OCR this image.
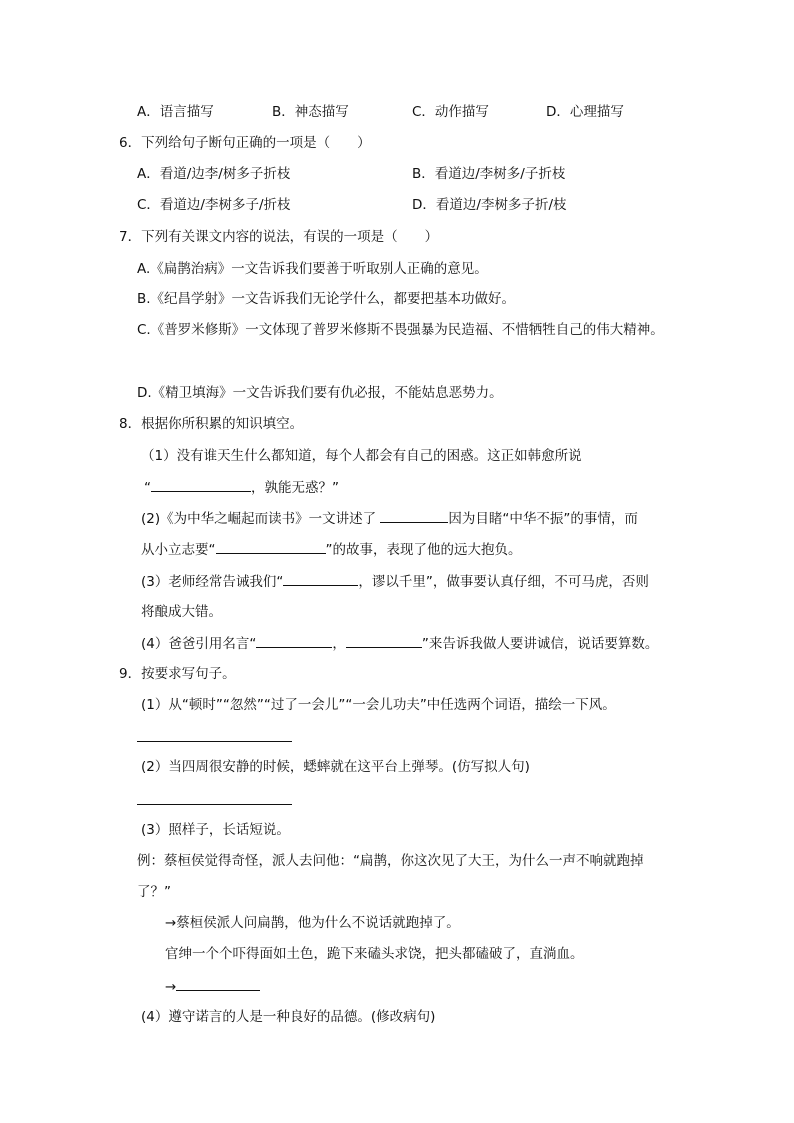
A．语言描写	B．神态描写	C．动作描写	D．心理描写
6．下列给句子断句正确的一项是（　　）
A．看道/边李/树多子折枝	B．看道边/李树多/子折枝
C．看道边/李树多子/折枝	D．看道边/李树多子折/枝
7．下列有关课文内容的说法，有误的一项是（　　）
A.《扁鹊治病》一文告诉我们要善于听取别人正确的意见。
B.《纪昌学射》一文告诉我们无论学什么，都要把基本功做好。
C.《普罗米修斯》一文体现了普罗米修斯不畏强暴为民造福、不惜牺牲自己的伟大精神。
D.《精卫填海》一文告诉我们要有仇必报，不能姑息恶势力。
8．根据你所积累的知识填空。
（1）没有谁天生什么都知道，每个人都会有自己的困惑。这正如韩愈所说
“	，孰能无惑？”
(2)《为中华之崛起而读书》一文讲述了	因为目睹“中华不振”的事情，而
从小立志要“	”的故事，表现了他的远大抱负。
(3）老师经常告诫我们“	，谬以千里”，做事要认真仔细，不可马虎，否则
将酿成大错。
(4）爸爸引用名言“	，	”来告诉我做人要讲诚信，说话要算数。
9．按要求写句子。
(1）从“顿时”“忽然”“过了一会儿”“一会儿功夫”中任选两个词语，描绘一下风。
(2）当四周很安静的时候，蟋蟀就在这平台上弹琴。(仿写拟人句)
(3）照样子，长话短说。
例：蔡桓侯觉得奇怪，派人去问他：“扁鹊，你这次见了大王，为什么一声不响就跑掉
了？”
→蔡桓侯派人问扁鹊，他为什么不说话就跑掉了。
官绅一个个吓得面如土色，跪下来磕头求饶，把头都磕破了，直淌血。
→
(4）遵守诺言的人是一种良好的品德。(修改病句)
